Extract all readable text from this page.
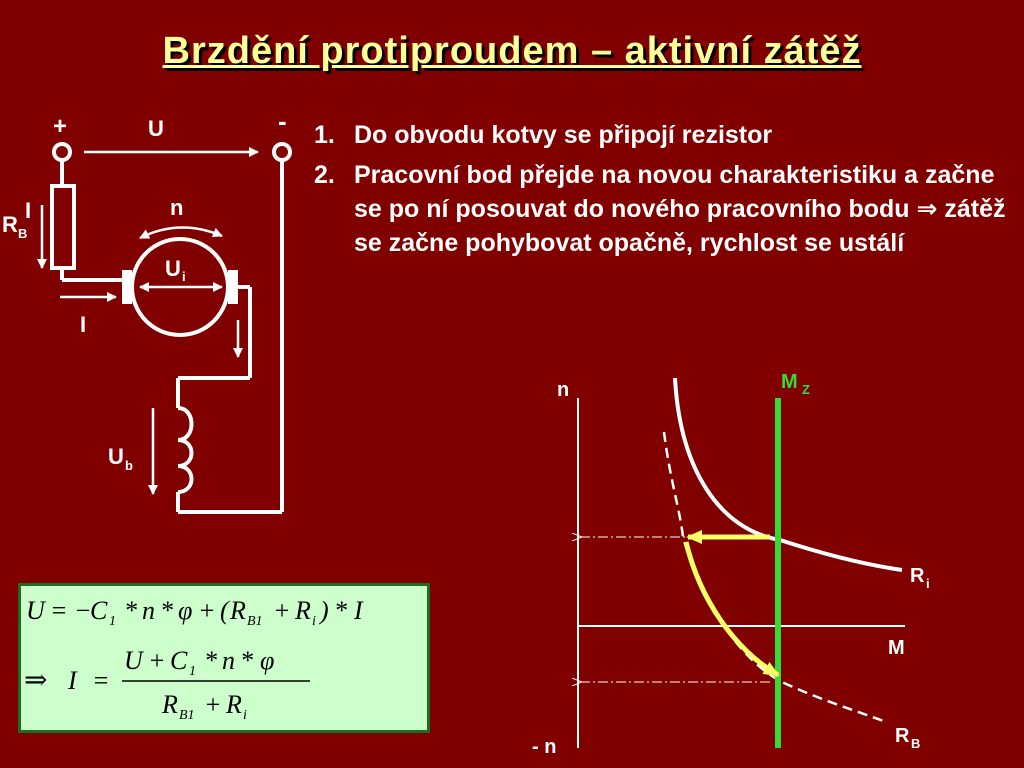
Brzdění protiproudem – aktivní zátěž
1. Do obvodu kotvy se připojí rezistor
2. Pracovní bod přejde na novou charakteristiku a začne se po ní posouvat do nového pracovního bodu ⇒ zátěž se začne pohybovat opačně, rychlost se ustálí
+	-
U
I
R B
n
U i
I
U b
n
- n
M Z
R i
M
R B
U = −
C 1 * n * φ + ( R B1 + R i ) * I
⇒ I =
U + C 1 * n * φ
R B1 + R i
